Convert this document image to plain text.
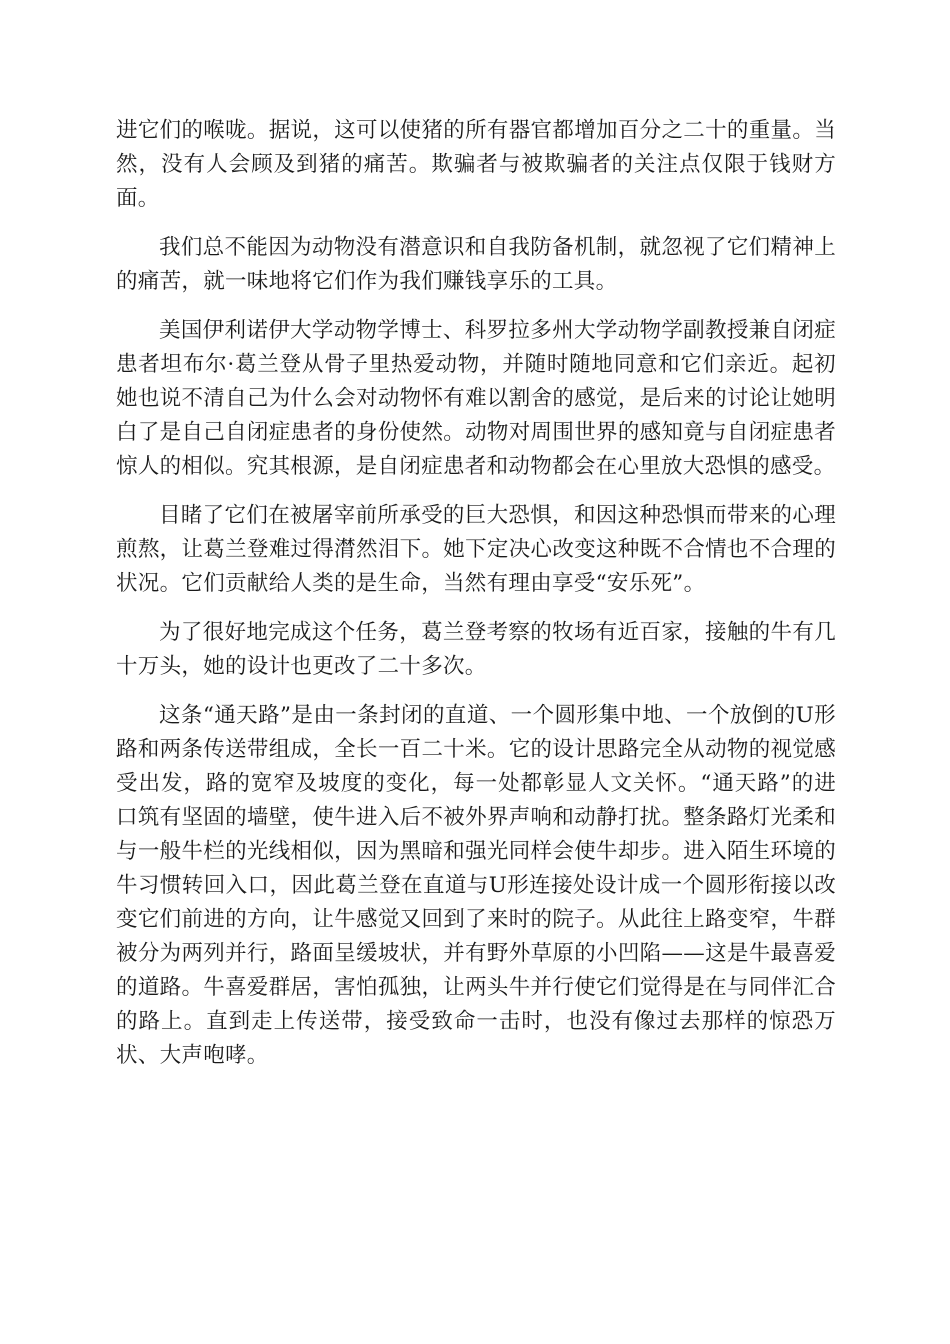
进它们的喉咙。据说，这可以使猪的所有器官都增加百分之二十的重量。当然，没有人会顾及到猪的痛苦。欺骗者与被欺骗者的关注点仅限于钱财方面。

我们总不能因为动物没有潜意识和自我防备机制，就忽视了它们精神上的痛苦，就一味地将它们作为我们赚钱享乐的工具。

美国伊利诺伊大学动物学博士、科罗拉多州大学动物学副教授兼自闭症患者坦布尔·葛兰登从骨子里热爱动物，并随时随地同意和它们亲近。起初她也说不清自己为什么会对动物怀有难以割舍的感觉，是后来的讨论让她明白了是自己自闭症患者的身份使然。动物对周围世界的感知竟与自闭症患者惊人的相似。究其根源，是自闭症患者和动物都会在心里放大恐惧的感受。

目睹了它们在被屠宰前所承受的巨大恐惧，和因这种恐惧而带来的心理煎熬，让葛兰登难过得潸然泪下。她下定决心改变这种既不合情也不合理的状况。它们贡献给人类的是生命，当然有理由享受“安乐死”。

为了很好地完成这个任务，葛兰登考察的牧场有近百家，接触的牛有几十万头，她的设计也更改了二十多次。

这条“通天路”是由一条封闭的直道、一个圆形集中地、一个放倒的U形路和两条传送带组成，全长一百二十米。它的设计思路完全从动物的视觉感受出发，路的宽窄及坡度的变化，每一处都彰显人文关怀。“通天路”的进口筑有坚固的墙壁，使牛进入后不被外界声响和动静打扰。整条路灯光柔和与一般牛栏的光线相似，因为黑暗和强光同样会使牛却步。进入陌生环境的牛习惯转回入口，因此葛兰登在直道与U形连接处设计成一个圆形衔接以改变它们前进的方向，让牛感觉又回到了来时的院子。从此往上路变窄，牛群被分为两列并行，路面呈缓坡状，并有野外草原的小凹陷——这是牛最喜爱的道路。牛喜爱群居，害怕孤独，让两头牛并行使它们觉得是在与同伴汇合的路上。直到走上传送带，接受致命一击时，也没有像过去那样的惊恐万状、大声咆哮。
